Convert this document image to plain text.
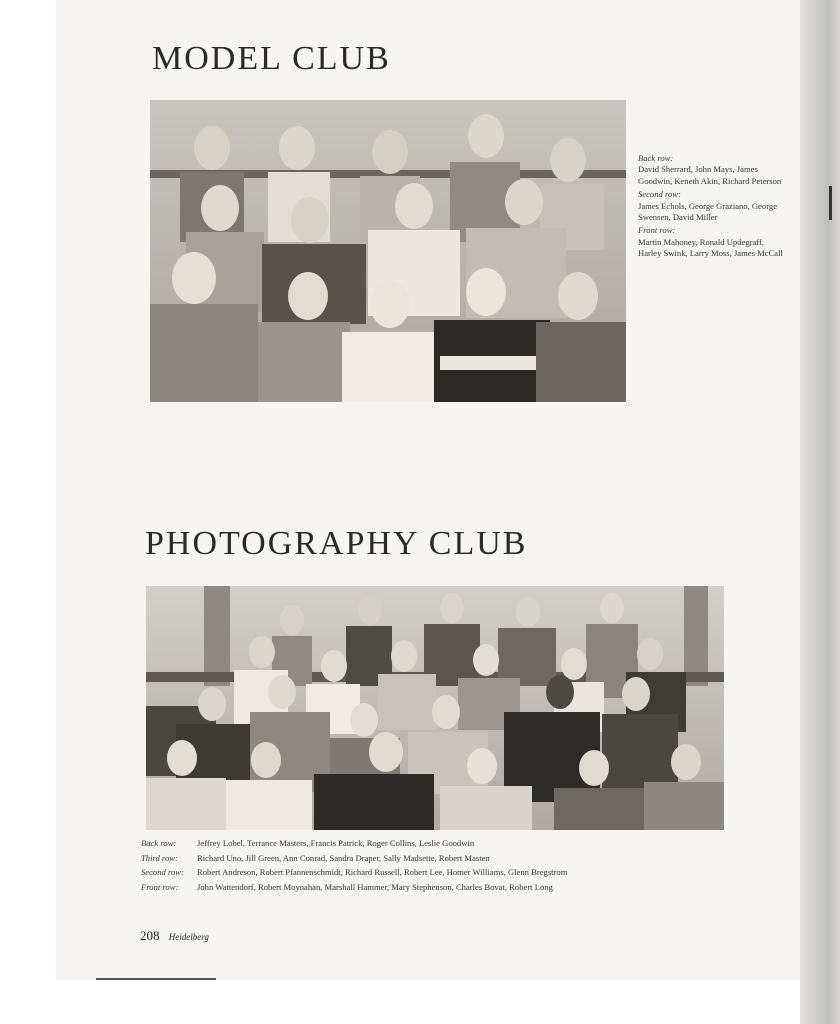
MODEL CLUB
Back row:
David Sherrard, John Mays, James Goodwin, Keneth Akin, Richard Peterson
Second row:
James Echols, George Graziano, George Swensen, David Miller
Front row:
Martin Mahoney, Ronald Updegraff, Harley Swink, Larry Moss, James McCall
PHOTOGRAPHY CLUB
Back row:	Jeffrey Lobel, Terrance Masters, Francis Patrick, Roger Collins, Leslie Goodwin
Third row:	Richard Uno, Jill Green, Ann Conrad, Sandra Draper, Sally Madsette, Robert Masten
Second row:	Robert Andreson, Robert Pfannenschmidt, Richard Russell, Robert Lee, Homer Williams, Glenn Bregstrom
Front row:	John Wattendorf, Robert Moynahan, Marshall Hammer, Mary Stephenson, Charles Bovat, Robert Long
208 Heidelberg
